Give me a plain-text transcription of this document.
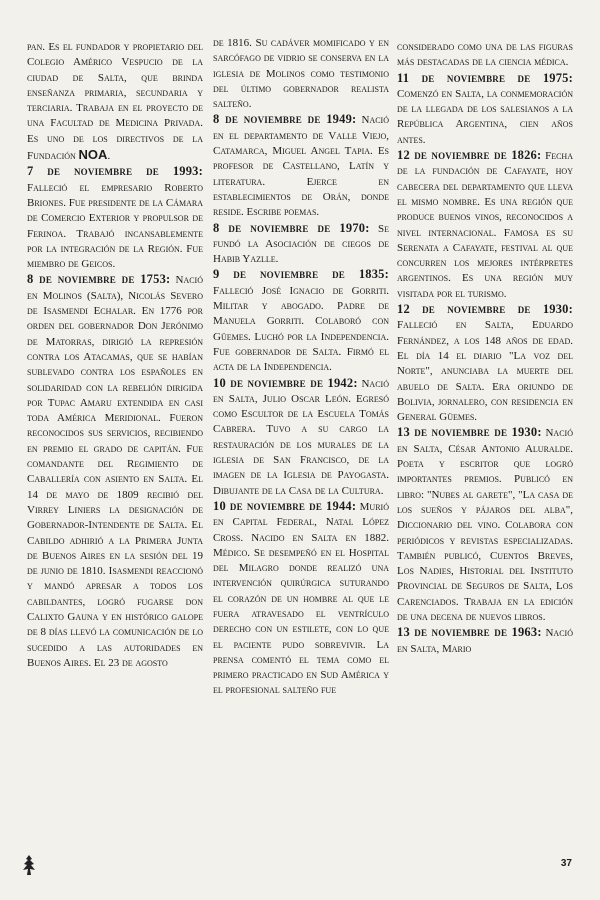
pan. Es el fundador y propietario del Colegio Américo Vespucio de la ciudad de Salta, que brinda enseñanza primaria, secundaria y terciaria. Trabaja en el proyecto de una Facultad de Medicina Privada. Es uno de los directivos de la Fundación NOA.

7 de noviembre de 1993: Falleció el empresario Roberto Briones. Fue presidente de la Cámara de Comercio Exterior y propulsor de Ferinoa. Trabajó incansablemente por la integración de la Región. Fue miembro de Geicos.

8 de noviembre de 1753: Nació en Molinos (Salta), Nicolás Severo de Isasmendi Echalar. En 1776 por orden del gobernador Don Jerónimo de Matorras, dirigió la represión contra los Atacamas, que se habían sublevado contra los españoles en solidaridad con la rebelión dirigida por Tupac Amaru extendida en casi toda América Meridional. Fueron reconocidos sus servicios, recibiendo en premio el grado de capitán. Fue comandante del Regimiento de Caballería con asiento en Salta. El 14 de mayo de 1809 recibió del Virrey Liniers la designación de Gobernador-Intendente de Salta. El Cabildo adhirió a la Primera Junta de Buenos Aires en la sesión del 19 de junio de 1810. Isasmendi reaccionó y mandó apresar a todos los cabildantes, logró fugarse don Calixto Gauna y en histórico galope de 8 días llevó la comunicación de lo sucedido a las autoridades en Buenos Aires. El 23 de agosto

de 1816. Su cadáver momificado y en sarcófago de vidrio se conserva en la iglesia de Molinos como testimonio del último gobernador realista salteño.

8 de noviembre de 1949: Nació en el departamento de Valle Viejo, Catamarca, Miguel Angel Tapia. Es profesor de Castellano, Latín y literatura. Ejerce en establecimientos de Orán, donde reside. Escribe poemas.

8 de noviembre de 1970: Se fundó la Asociación de ciegos de Habib Yazlle.

9 de noviembre de 1835: Falleció José Ignacio de Gorriti. Militar y abogado. Padre de Manuela Gorriti. Colaboró con Güemes. Luchó por la Independencia. Fue gobernador de Salta. Firmó el acta de la Independencia.

10 de noviembre de 1942: Nació en Salta, Julio Oscar León. Egresó como Escultor de la Escuela Tomás Cabrera. Tuvo a su cargo la restauración de los murales de la iglesia de San Francisco, de la imagen de la Iglesia de Payogasta. Dibujante de la Casa de la Cultura.

10 de noviembre de 1944: Murió en Capital Federal, Natal López Cross. Nacido en Salta en 1882. Médico. Se desempeñó en el Hospital del Milagro donde realizó una intervención quirúrgica suturando el corazón de un hombre al que le fuera atravesado el ventrículo derecho con un estilete, con lo que el paciente pudo sobrevivir. La prensa comentó el tema como el primero practicado en Sud América y el profesional salteño fue

considerado como una de las figuras más destacadas de la ciencia médica.

11 de noviembre de 1975: Comenzó en Salta, la conmemoración de la llegada de los salesianos a la República Argentina, cien años antes.

12 de noviembre de 1826: Fecha de la fundación de Cafayate, hoy cabecera del departamento que lleva el mismo nombre. Es una región que produce buenos vinos, reconocidos a nivel internacional. Famosa es su Serenata a Cafayate, festival al que concurren los mejores intérpretes argentinos. Es una región muy visitada por el turismo.

12 de noviembre de 1930: Falleció en Salta, Eduardo Fernández, a los 148 años de edad. El día 14 el diario "La voz del Norte", anunciaba la muerte del abuelo de Salta. Era oriundo de Bolivia, jornalero, con residencia en General Güemes.

13 de noviembre de 1930: Nació en Salta, César Antonio Aluralde. Poeta y escritor que logró importantes premios. Publicó en libro: "Nubes al garete", "La casa de los sueños y pájaros del alba", Diccionario del vino. Colabora con periódicos y revistas especializadas. También publicó, Cuentos Breves, Los Nadies, Historial del Instituto Provincial de Seguros de Salta, Los Carenciados. Trabaja en la edición de una decena de nuevos libros.

13 de noviembre de 1963: Nació en Salta, Mario

37
